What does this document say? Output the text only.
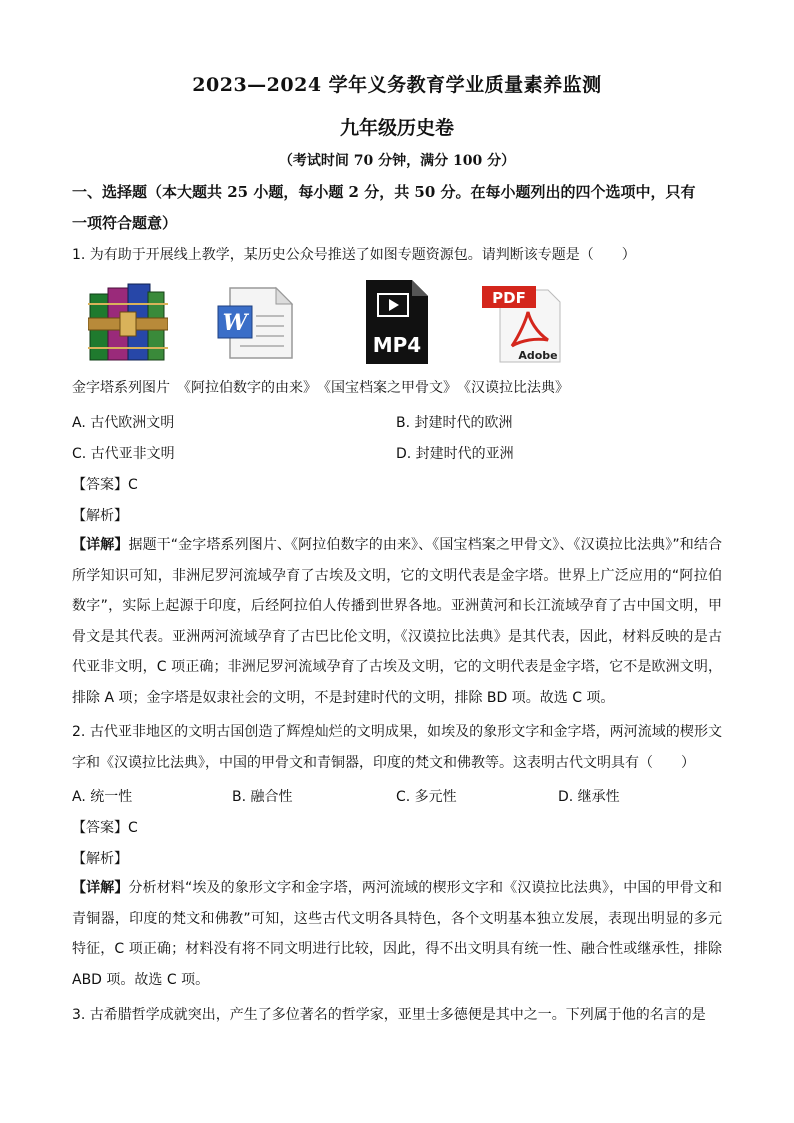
2023—2024 学年义务教育学业质量素养监测
九年级历史卷
（考试时间 70 分钟，满分 100 分）
一、选择题（本大题共 25 小题，每小题 2 分，共 50 分。在每小题列出的四个选项中，只有
一项符合题意）
1. 为有助于开展线上教学，某历史公众号推送了如图专题资源包。请判断该专题是（　　）
W
MP4
PDF
Adobe
金字塔系列图片　《阿拉伯数字的由来》　《国宝档案之甲骨文》　《汉谟拉比法典》
A. 古代欧洲文明	B. 封建时代的欧洲
C. 古代亚非文明	D. 封建时代的亚洲
【答案】C
【解析】
【详解】据题干“金字塔系列图片、《阿拉伯数字的由来》、《国宝档案之甲骨文》、《汉谟拉比法典》”和结合所学知识可知，非洲尼罗河流域孕育了古埃及文明，它的文明代表是金字塔。世界上广泛应用的“阿拉伯数字”，实际上起源于印度，后经阿拉伯人传播到世界各地。亚洲黄河和长江流域孕育了古中国文明，甲骨文是其代表。亚洲两河流域孕育了古巴比伦文明，《汉谟拉比法典》是其代表，因此，材料反映的是古代亚非文明，C 项正确；非洲尼罗河流域孕育了古埃及文明，它的文明代表是金字塔，它不是欧洲文明，排除 A 项；金字塔是奴隶社会的文明，不是封建时代的文明，排除 BD 项。故选 C 项。
2. 古代亚非地区的文明古国创造了辉煌灿烂的文明成果，如埃及的象形文字和金字塔，两河流域的楔形文字和《汉谟拉比法典》，中国的甲骨文和青铜器，印度的梵文和佛教等。这表明古代文明具有（　　）
A. 统一性	B. 融合性	C. 多元性	D. 继承性
【答案】C
【解析】
【详解】分析材料“埃及的象形文字和金字塔，两河流域的楔形文字和《汉谟拉比法典》，中国的甲骨文和青铜器，印度的梵文和佛教”可知，这些古代文明各具特色，各个文明基本独立发展，表现出明显的多元特征，C 项正确；材料没有将不同文明进行比较，因此，得不出文明具有统一性、融合性或继承性，排除 ABD 项。故选 C 项。
3. 古希腊哲学成就突出，产生了多位著名的哲学家，亚里士多德便是其中之一。下列属于他的名言的是
